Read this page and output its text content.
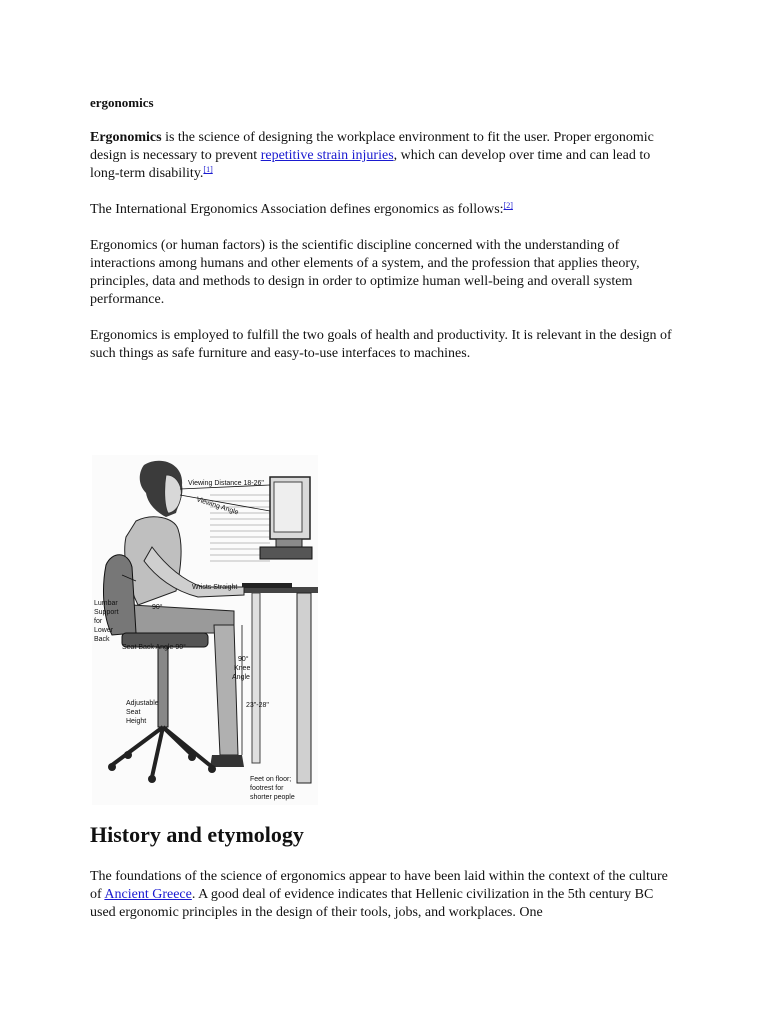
ergonomics

Ergonomics is the science of designing the workplace environment to fit the user. Proper ergonomic design is necessary to prevent repetitive strain injuries, which can develop over time and can lead to long-term disability.[1]

The International Ergonomics Association defines ergonomics as follows:[2]

Ergonomics (or human factors) is the scientific discipline concerned with the understanding of interactions among humans and other elements of a system, and the profession that applies theory, principles, data and methods to design in order to optimize human well-being and overall system performance.

Ergonomics is employed to fulfill the two goals of health and productivity. It is relevant in the design of such things as safe furniture and easy-to-use interfaces to machines.

Viewing Distance 18-26"
Viewing Angle
Wrists Straight
90°
Lumbar
Support
for
Lower
Back
Seat Back Angle 90°
90°
Knee
Angle
Adjustable
Seat
Height
23"-28"
Feet on floor;
footrest for
shorter people
History and etymology

The foundations of the science of ergonomics appear to have been laid within the context of the culture of Ancient Greece. A good deal of evidence indicates that Hellenic civilization in the 5th century BC used ergonomic principles in the design of their tools, jobs, and workplaces. One
